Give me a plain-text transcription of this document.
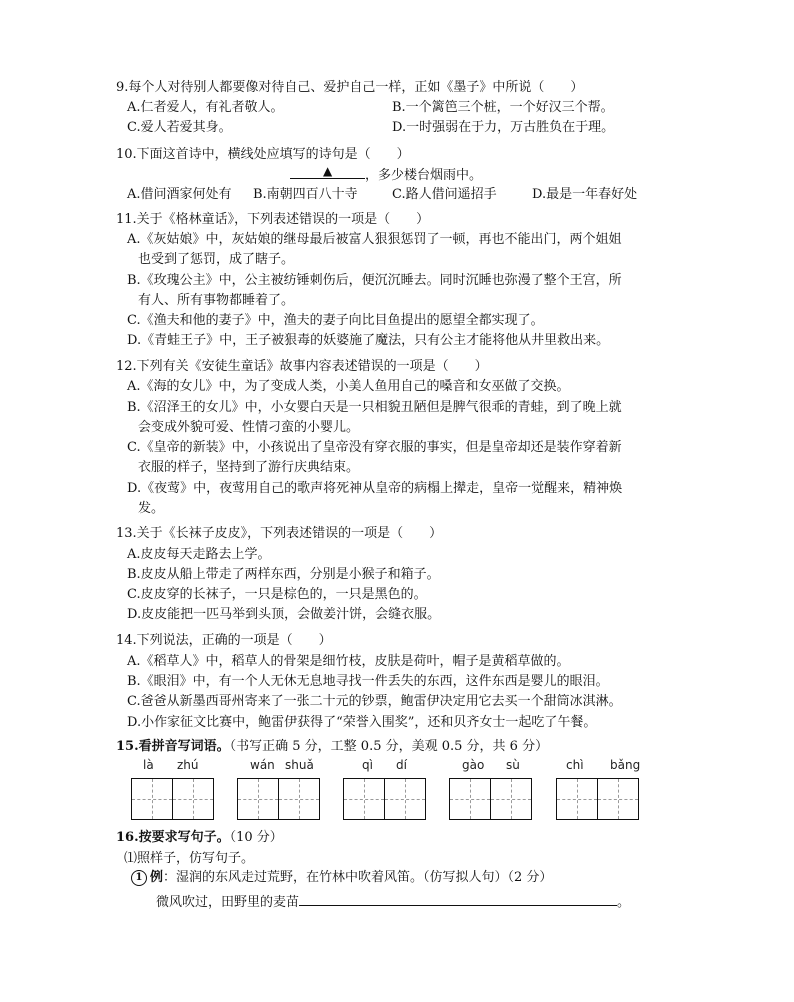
9.每个人对待别人都要像对待自己、爱护自己一样，正如《墨子》中所说（　　）
A.仁者爱人，有礼者敬人。	B.一个篱笆三个桩，一个好汉三个帮。
C.爱人若爱其身。	D.一时强弱在于力，万古胜负在于理。
10.下面这首诗中，横线处应填写的诗句是（　　）
▲	，多少楼台烟雨中。
A.借问酒家何处有 B.南朝四百八十寺	C.路人借问遥招手	D.最是一年春好处
11.关于《格林童话》，下列表述错误的一项是（　　）
A.《灰姑娘》中，灰姑娘的继母最后被富人狠狠惩罚了一顿，再也不能出门，两个姐姐
也受到了惩罚，成了瞎子。
B.《玫瑰公主》中，公主被纺锤刺伤后，便沉沉睡去。同时沉睡也弥漫了整个王宫，所
有人、所有事物都睡着了。
C.《渔夫和他的妻子》中，渔夫的妻子向比目鱼提出的愿望全都实现了。
D.《青蛙王子》中，王子被狠毒的妖婆施了魔法，只有公主才能将他从井里救出来。
12.下列有关《安徒生童话》故事内容表述错误的一项是（　　）
A.《海的女儿》中，为了变成人类，小美人鱼用自己的嗓音和女巫做了交换。
B.《沼泽王的女儿》中，小女婴白天是一只相貌丑陋但是脾气很乖的青蛙，到了晚上就
会变成外貌可爱、性情刁蛮的小婴儿。
C.《皇帝的新装》中，小孩说出了皇帝没有穿衣服的事实，但是皇帝却还是装作穿着新
衣服的样子，坚持到了游行庆典结束。
D.《夜莺》中，夜莺用自己的歌声将死神从皇帝的病榻上撵走，皇帝一觉醒来，精神焕
发。
13.关于《长袜子皮皮》，下列表述错误的一项是（　　）
A.皮皮每天走路去上学。
B.皮皮从船上带走了两样东西，分别是小猴子和箱子。
C.皮皮穿的长袜子，一只是棕色的，一只是黑色的。
D.皮皮能把一匹马举到头顶，会做姜汁饼，会缝衣服。
14.下列说法，正确的一项是（　　）
A.《稻草人》中，稻草人的骨架是细竹枝，皮肤是荷叶，帽子是黄稻草做的。
B.《眼泪》中，有一个人无休无息地寻找一件丢失的东西，这件东西是婴儿的眼泪。
C.爸爸从新墨西哥州寄来了一张二十元的钞票，鲍雷伊决定用它去买一个甜筒冰淇淋。
D.小作家征文比赛中，鲍雷伊获得了“荣誉入围奖”，还和贝齐女士一起吃了午餐。
15.看拼音写词语。（书写正确 5 分，工整 0.5 分，美观 0.5 分，共 6 分）
là zhú	wán shuǎ	qì dí	gào sù	chì bǎng
16.按要求写句子。（10 分）
⑴照样子，仿写句子。
1 例：湿润的东风走过荒野，在竹林中吹着风笛。（仿写拟人句）（2 分）
微风吹过，田野里的麦苗	。
